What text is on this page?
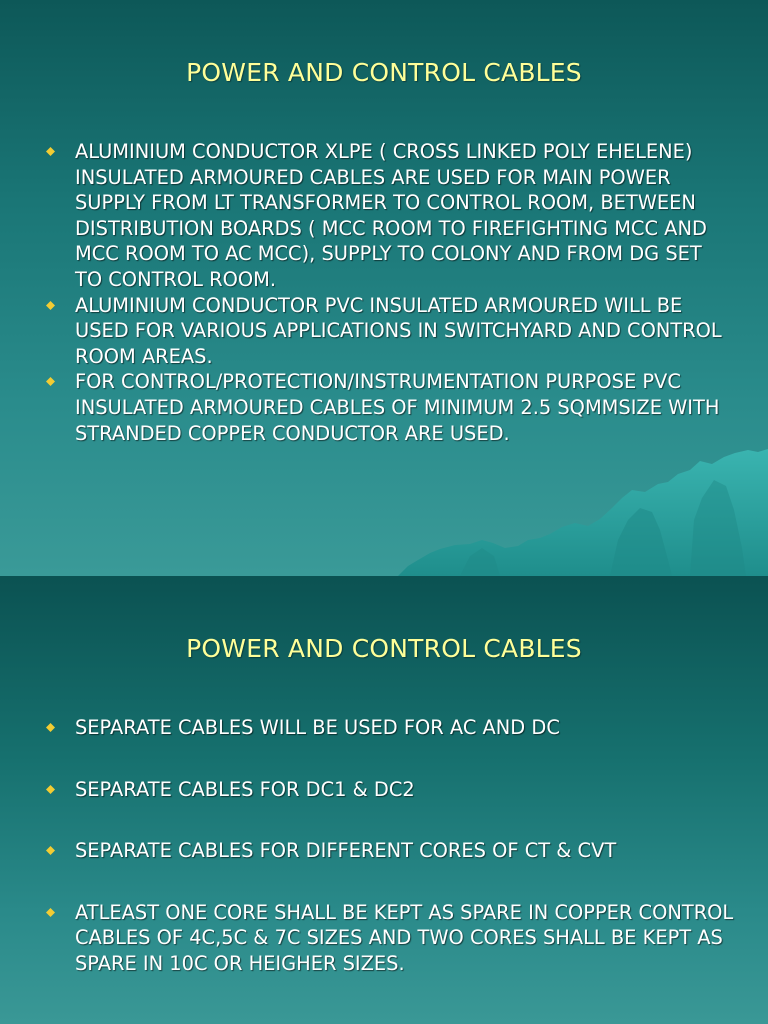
POWER AND CONTROL CABLES
ALUMINIUM CONDUCTOR XLPE ( CROSS LINKED POLY EHELENE) INSULATED ARMOURED CABLES ARE USED FOR MAIN POWER SUPPLY FROM LT TRANSFORMER TO CONTROL ROOM, BETWEEN DISTRIBUTION BOARDS ( MCC ROOM TO FIREFIGHTING MCC AND MCC ROOM TO AC MCC), SUPPLY TO COLONY AND FROM DG SET TO CONTROL ROOM.
ALUMINIUM CONDUCTOR PVC INSULATED ARMOURED WILL BE USED FOR VARIOUS APPLICATIONS IN SWITCHYARD AND CONTROL ROOM AREAS.
FOR CONTROL/PROTECTION/INSTRUMENTATION PURPOSE PVC INSULATED ARMOURED CABLES OF MINIMUM 2.5 SQMMSIZE WITH STRANDED COPPER CONDUCTOR ARE USED.
POWER AND CONTROL CABLES
SEPARATE CABLES WILL BE USED FOR AC AND DC
SEPARATE CABLES FOR DC1 & DC2
SEPARATE CABLES FOR DIFFERENT CORES OF CT & CVT
ATLEAST ONE CORE SHALL BE KEPT AS SPARE IN COPPER CONTROL CABLES OF 4C,5C & 7C SIZES AND TWO CORES SHALL BE KEPT AS SPARE IN 10C OR HEIGHER SIZES.
